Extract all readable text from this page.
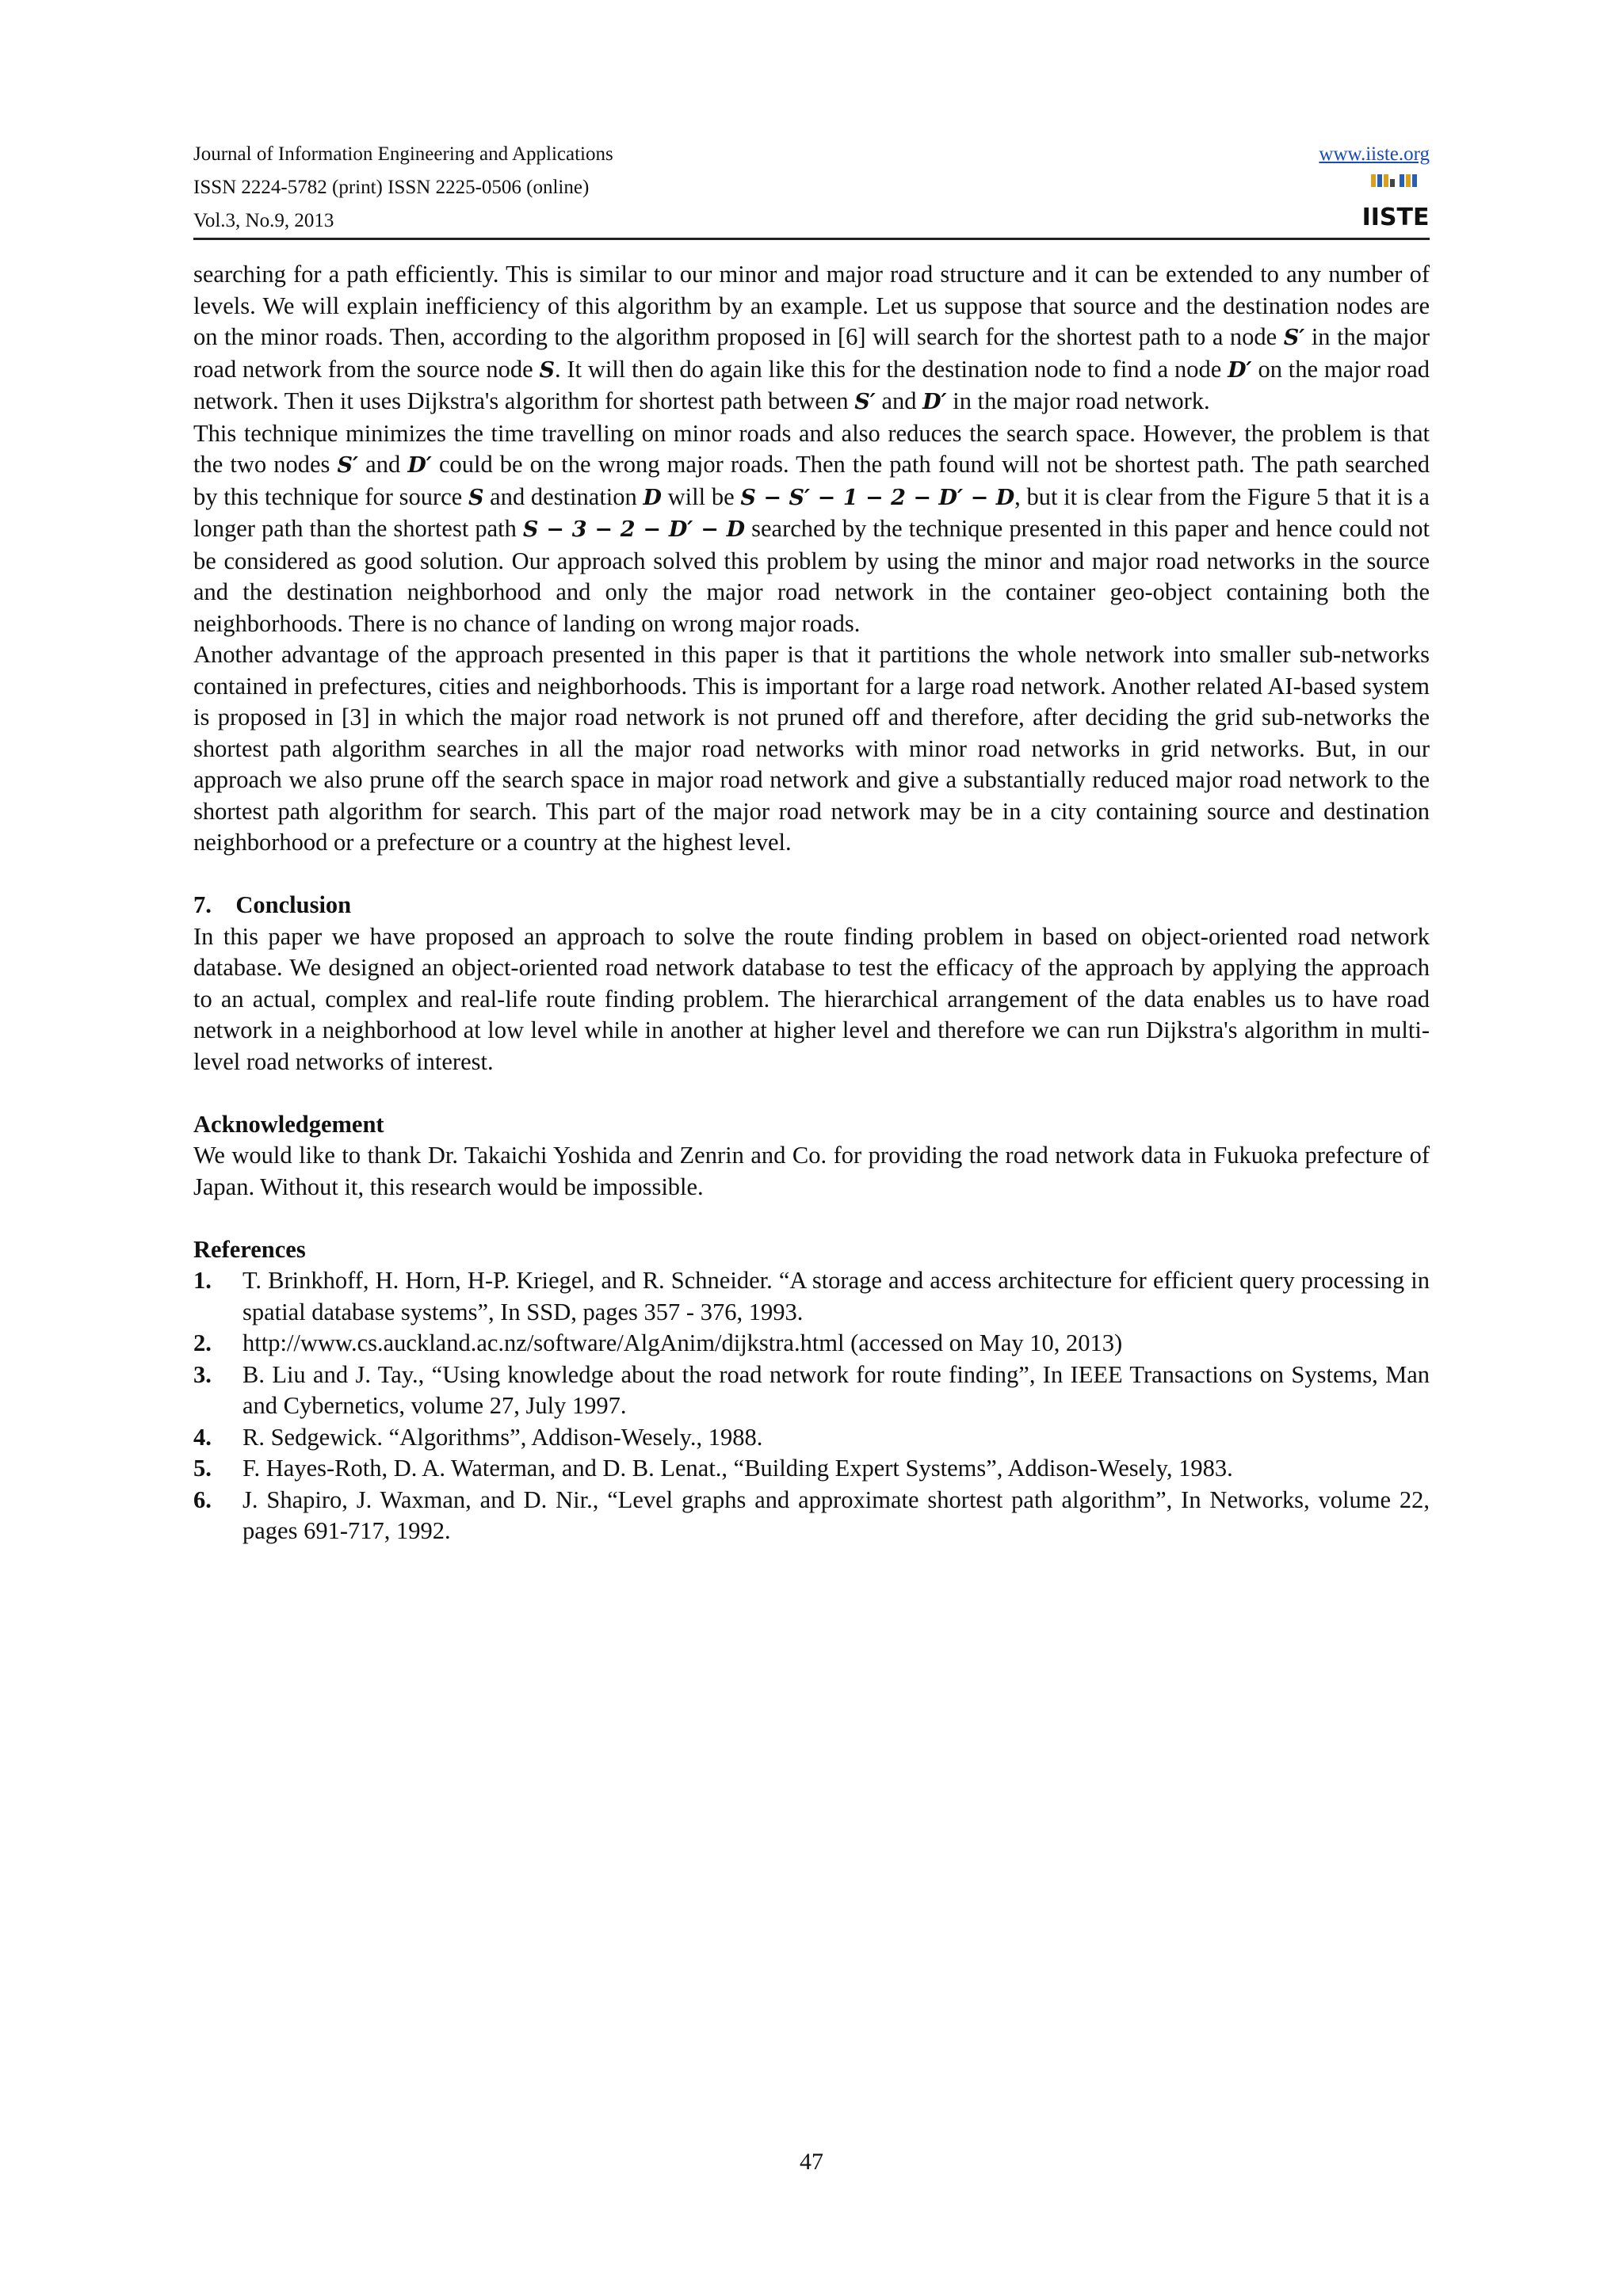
Journal of Information Engineering and Applications
ISSN 2224-5782 (print) ISSN 2225-0506 (online)
Vol.3, No.9, 2013
www.iiste.org
IISTE

searching for a path efficiently. This is similar to our minor and major road structure and it can be extended to any number of levels. We will explain inefficiency of this algorithm by an example. Let us suppose that source and the destination nodes are on the minor roads. Then, according to the algorithm proposed in [6] will search for the shortest path to a node S′ in the major road network from the source node S. It will then do again like this for the destination node to find a node D′ on the major road network. Then it uses Dijkstra's algorithm for shortest path between S′ and D′ in the major road network.

This technique minimizes the time travelling on minor roads and also reduces the search space. However, the problem is that the two nodes S′ and D′ could be on the wrong major roads. Then the path found will not be shortest path. The path searched by this technique for source S and destination D will be S − S′ − 1 − 2 − D′ − D, but it is clear from the Figure 5 that it is a longer path than the shortest path S − 3 − 2 − D′ − D searched by the technique presented in this paper and hence could not be considered as good solution. Our approach solved this problem by using the minor and major road networks in the source and the destination neighborhood and only the major road network in the container geo-object containing both the neighborhoods. There is no chance of landing on wrong major roads.

Another advantage of the approach presented in this paper is that it partitions the whole network into smaller sub-networks contained in prefectures, cities and neighborhoods. This is important for a large road network. Another related AI-based system is proposed in [3] in which the major road network is not pruned off and therefore, after deciding the grid sub-networks the shortest path algorithm searches in all the major road networks with minor road networks in grid networks. But, in our approach we also prune off the search space in major road network and give a substantially reduced major road network to the shortest path algorithm for search. This part of the major road network may be in a city containing source and destination neighborhood or a prefecture or a country at the highest level.

7.    Conclusion

In this paper we have proposed an approach to solve the route finding problem in based on object-oriented road network database. We designed an object-oriented road network database to test the efficacy of the approach by applying the approach to an actual, complex and real-life route finding problem. The hierarchical arrangement of the data enables us to have road network in a neighborhood at low level while in another at higher level and therefore we can run Dijkstra's algorithm in multi-level road networks of interest.

Acknowledgement

We would like to thank Dr. Takaichi Yoshida and Zenrin and Co. for providing the road network data in Fukuoka prefecture of Japan. Without it, this research would be impossible.

References

1. T. Brinkhoff, H. Horn, H-P. Kriegel, and R. Schneider. “A storage and access architecture for efficient query processing in spatial database systems”, In SSD, pages 357 - 376, 1993.
2. http://www.cs.auckland.ac.nz/software/AlgAnim/dijkstra.html (accessed on May 10, 2013)
3. B. Liu and J. Tay., “Using knowledge about the road network for route finding”, In IEEE Transactions on Systems, Man and Cybernetics, volume 27, July 1997.
4. R. Sedgewick. “Algorithms”, Addison-Wesely., 1988.
5. F. Hayes-Roth, D. A. Waterman, and D. B. Lenat., “Building Expert Systems”, Addison-Wesely, 1983.
6. J. Shapiro, J. Waxman, and D. Nir., “Level graphs and approximate shortest path algorithm”, In Networks, volume 22, pages 691-717, 1992.
47
